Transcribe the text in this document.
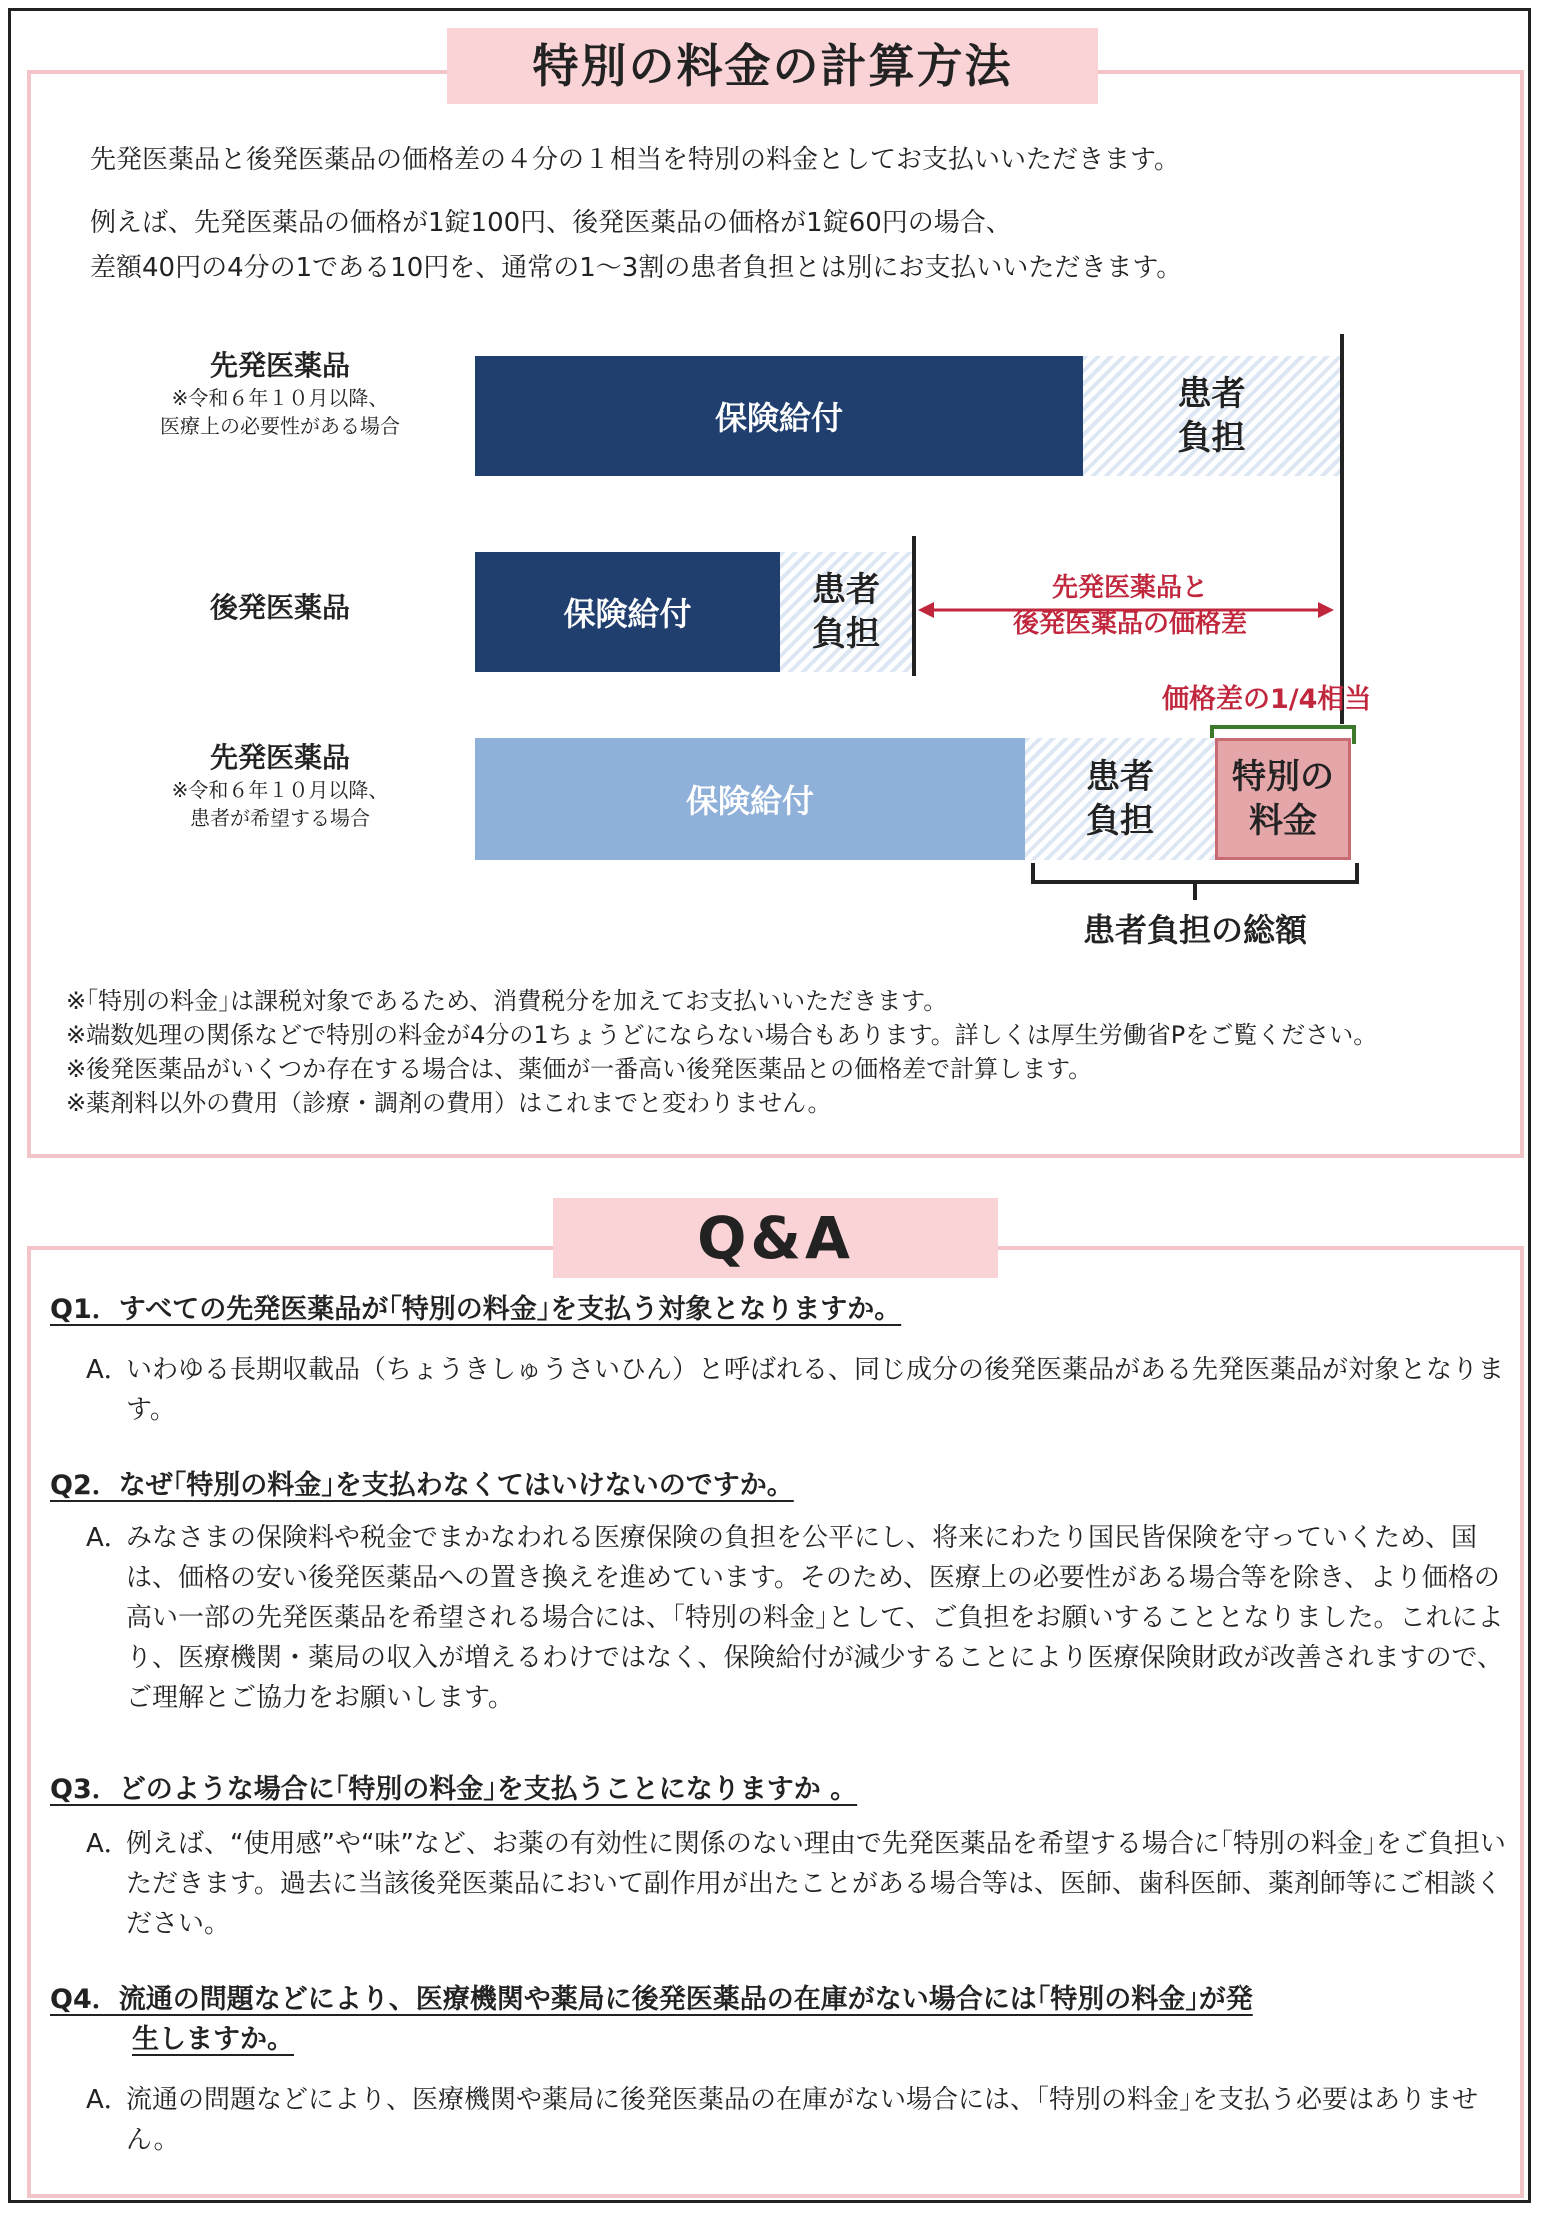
特別の料金の計算方法
先発医薬品と後発医薬品の価格差の４分の１相当を特別の料金としてお支払いいただきます。
例えば、先発医薬品の価格が1錠100円、後発医薬品の価格が1錠60円の場合、
差額40円の4分の1である10円を、通常の1～3割の患者負担とは別にお支払いいただきます。
先発医薬品
※令和６年１０月以降、
医療上の必要性がある場合	保険給付
患者
負担
後発医薬品	保険給付
患者
負担
先発医薬品と
後発医薬品の価格差
先発医薬品
※令和６年１０月以降、
患者が希望する場合
価格差の1/4相当
保険給付
患者
負担
特別の
料金
患者負担の総額
※｢特別の料金｣は課税対象であるため、消費税分を加えてお支払いいただきます。
※端数処理の関係などで特別の料金が4分の1ちょうどにならない場合もあります。詳しくは厚生労働省Pをご覧ください。
※後発医薬品がいくつか存在する場合は、薬価が一番高い後発医薬品との価格差で計算します。
※薬剤料以外の費用（診療・調剤の費用）はこれまでと変わりません。
Q&A
Q1．すべての先発医薬品が｢特別の料金｣を支払う対象となりますか。
A．
いわゆる長期収載品（ちょうきしゅうさいひん）と呼ばれる、同じ成分の後発医薬品がある先発医薬品が対象となります。
Q2．なぜ｢特別の料金｣を支払わなくてはいけないのですか。
A．
みなさまの保険料や税金でまかなわれる医療保険の負担を公平にし、将来にわたり国民皆保険を守っていくため、国は、価格の安い後発医薬品への置き換えを進めています。そのため、医療上の必要性がある場合等を除き、より価格の高い一部の先発医薬品を希望される場合には、｢特別の料金｣として、ご負担をお願いすることとなりました。これにより、医療機関・薬局の収入が増えるわけではなく、保険給付が減少することにより医療保険財政が改善されますので、ご理解とご協力をお願いします。
Q3．どのような場合に｢特別の料金｣を支払うことになりますか 。
A．
例えば、“使用感”や“味”など、お薬の有効性に関係のない理由で先発医薬品を希望する場合に｢特別の料金｣をご負担いただきます。過去に当該後発医薬品において副作用が出たことがある場合等は、医師、歯科医師、薬剤師等にご相談ください。
Q4．流通の問題などにより、医療機関や薬局に後発医薬品の在庫がない場合には｢特別の料金｣が発
生しますか。
A．
流通の問題などにより、医療機関や薬局に後発医薬品の在庫がない場合には、｢特別の料金｣を支払う必要はありません。
